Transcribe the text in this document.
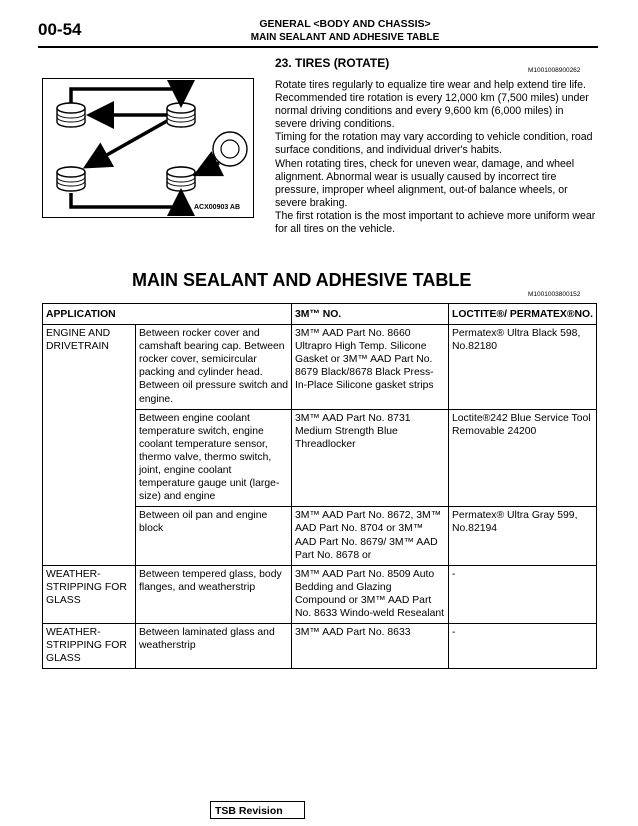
00-54	GENERAL <BODY AND CHASSIS>
MAIN SEALANT AND ADHESIVE TABLE
ACX00903 AB
23. TIRES (ROTATE)
M1001008900262

Rotate tires regularly to equalize tire wear and help extend tire life. Recommended tire rotation is every 12,000 km (7,500 miles) under normal driving conditions and every 9,600 km (6,000 miles) in severe driving conditions.

Timing for the rotation may vary according to vehicle condition, road surface conditions, and individual driver's habits.

When rotating tires, check for uneven wear, damage, and wheel alignment. Abnormal wear is usually caused by incorrect tire pressure, improper wheel alignment, out-of balance wheels, or severe braking.

The first rotation is the most important to achieve more uniform wear for all tires on the vehicle.

MAIN SEALANT AND ADHESIVE TABLE
M1001003800152
APPLICATION		3M™ NO.	LOCTITE®/ PERMATEX®NO.
ENGINE AND DRIVETRAIN	Between rocker cover and camshaft bearing cap. Between rocker cover, semicircular packing and cylinder head. Between oil pressure switch and engine.	3M™ AAD Part No. 8660 Ultrapro High Temp. Silicone Gasket or 3M™ AAD Part No. 8679 Black/8678 Black Press-In-Place Silicone gasket strips	Permatex® Ultra Black 598, No.82180
	Between engine coolant temperature switch, engine coolant temperature sensor, thermo valve, thermo switch, joint, engine coolant temperature gauge unit (large-size) and engine	3M™ AAD Part No. 8731 Medium Strength Blue Threadlocker	Loctite®242 Blue Service Tool Removable 24200
	Between oil pan and engine block	3M™ AAD Part No. 8672, 3M™ AAD Part No. 8704 or 3M™ AAD Part No. 8679/ 3M™ AAD Part No. 8678 or	Permatex® Ultra Gray 599, No.82194
WEATHER-STRIPPING FOR GLASS	Between tempered glass, body flanges, and weatherstrip	3M™ AAD Part No. 8509 Auto Bedding and Glazing Compound or 3M™ AAD Part No. 8633 Windo-weld Resealant	-
WEATHER-STRIPPING FOR GLASS	Between laminated glass and weatherstrip	3M™ AAD Part No. 8633	-
TSB Revision
